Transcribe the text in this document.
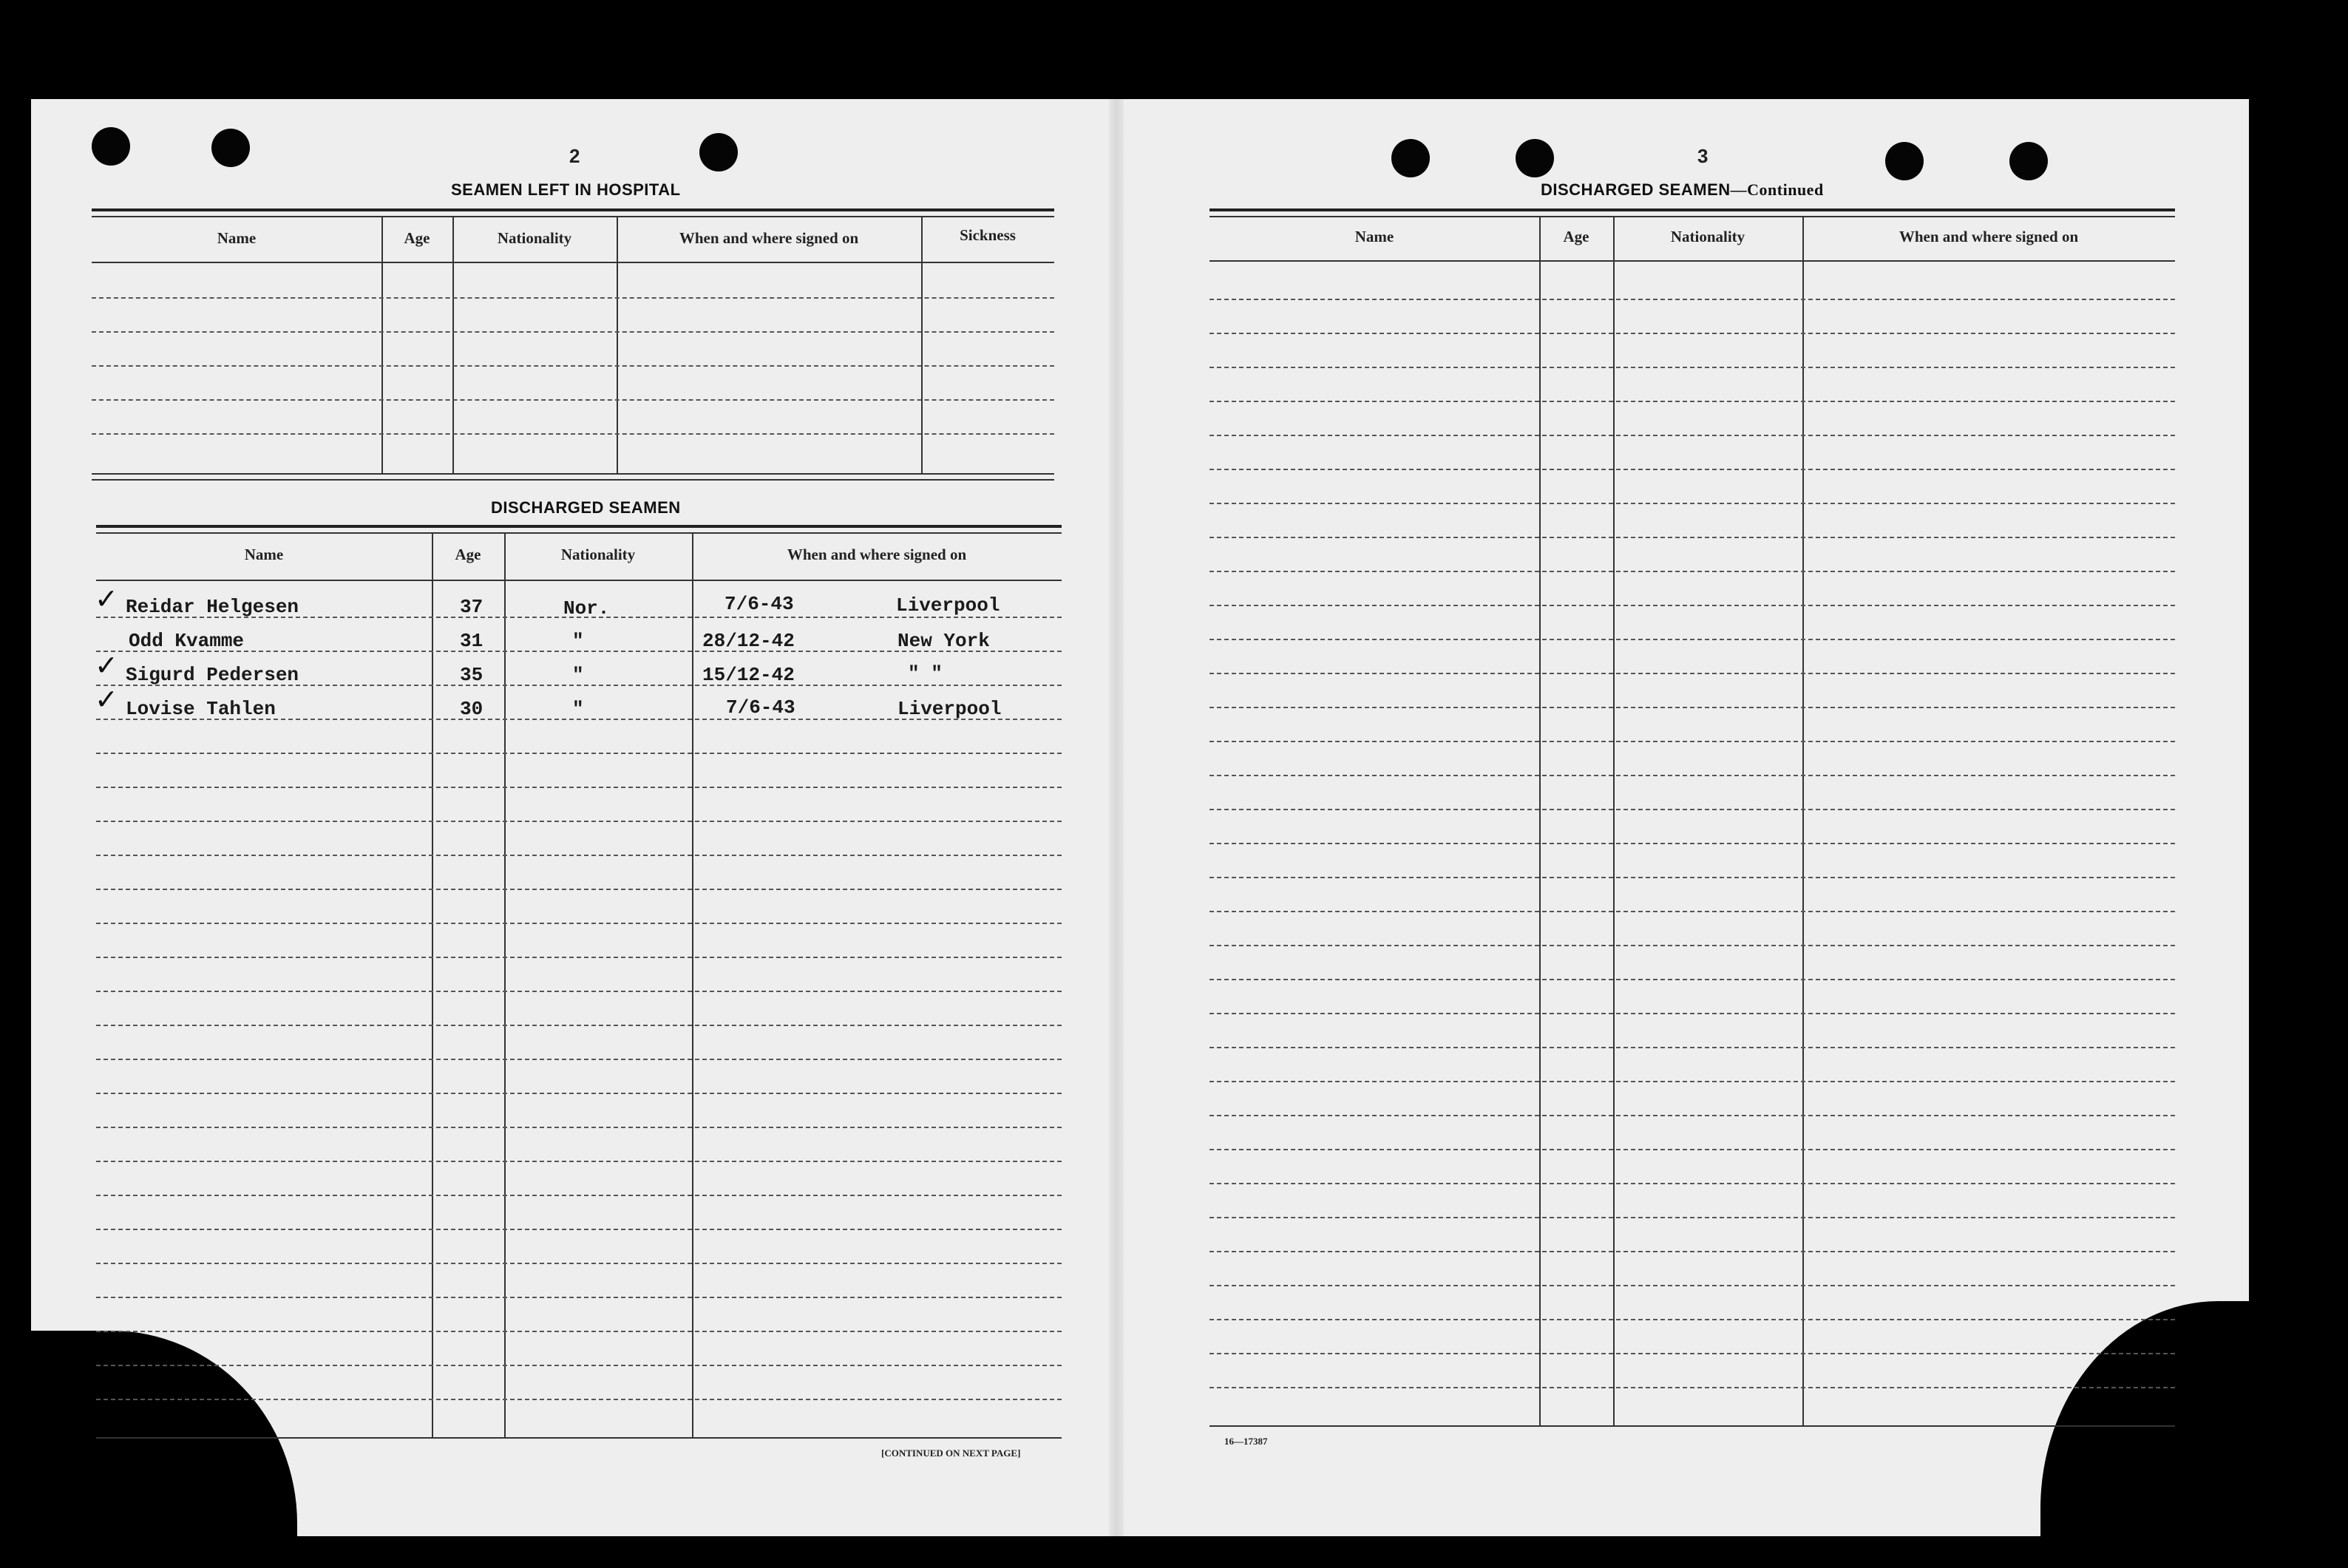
2
SEAMEN LEFT IN HOSPITAL
Name	Age	Nationality	When and where signed on	Sickness
DISCHARGED SEAMEN
Name	Age	Nationality	When and where signed on
✓ Reidar Helgesen	37	Nor.	7/6-43	Liverpool
Odd Kvamme	31	"	28/12-42	New York
✓ Sigurd Pedersen	35	"	15/12-42	" "
✓ Lovise Tahlen	30	"	7/6-43	Liverpool
[CONTINUED ON NEXT PAGE]
3
DISCHARGED SEAMEN—Continued
Name	Age	Nationality	When and where signed on
16—17387
